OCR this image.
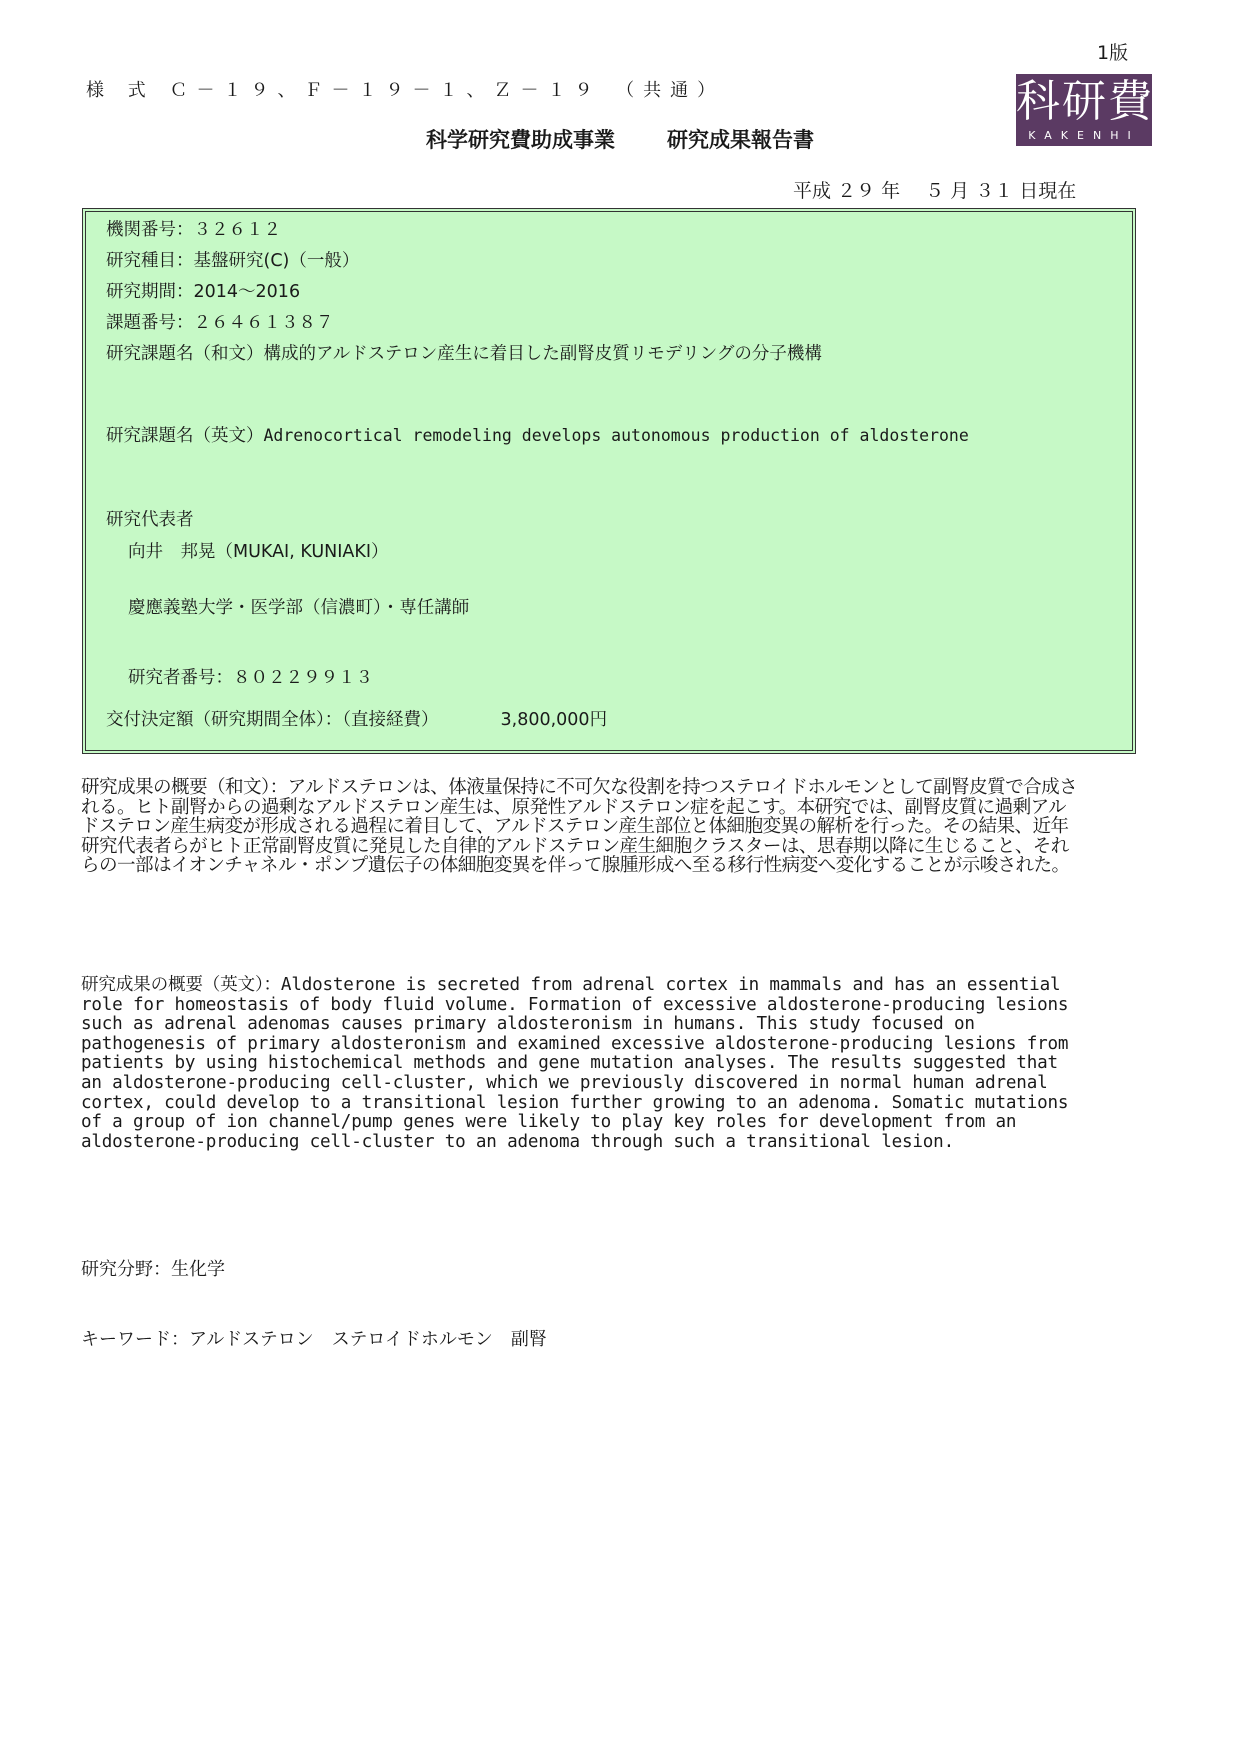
1版
様 式 Ｃ－１９、Ｆ－１９－１、Ｚ－１９ （共通）	科研費
KAKENHI
科学研究費助成事業 研究成果報告書
平成 ２９ 年　 ５ 月 ３１ 日現在
機関番号：３２６１２
研究種目：基盤研究(C)（一般）
研究期間：2014～2016
課題番号：２６４６１３８７
研究課題名（和文）構成的アルドステロン産生に着目した副腎皮質リモデリングの分子機構
研究課題名（英文）Adrenocortical remodeling develops autonomous production of aldosterone
研究代表者
向井　邦晃（MUKAI, KUNIAKI）
慶應義塾大学・医学部（信濃町）・専任講師
研究者番号：８０２２９９１３
交付決定額（研究期間全体）：（直接経費）	3,800,000円
研究成果の概要（和文）：アルドステロンは、体液量保持に不可欠な役割を持つステロイドホルモンとして副腎皮質で合成される。ヒト副腎からの過剰なアルドステロン産生は、原発性アルドステロン症を起こす。本研究では、副腎皮質に過剰アルドステロン産生病変が形成される過程に着目して、アルドステロン産生部位と体細胞変異の解析を行った。その結果、近年研究代表者らがヒト正常副腎皮質に発見した自律的アルドステロン産生細胞クラスターは、思春期以降に生じること、それらの一部はイオンチャネル・ポンプ遺伝子の体細胞変異を伴って腺腫形成へ至る移行性病変へ変化することが示唆された。
研究成果の概要（英文）：Aldosterone is secreted from adrenal cortex in mammals and has an essential role for homeostasis of body fluid volume. Formation of excessive aldosterone-producing lesions such as adrenal adenomas causes primary aldosteronism in humans. This study focused on pathogenesis of primary aldosteronism and examined excessive aldosterone-producing lesions from patients by using histochemical methods and gene mutation analyses. The results suggested that an aldosterone-producing cell-cluster, which we previously discovered in normal human adrenal cortex, could develop to a transitional lesion further growing to an adenoma. Somatic mutations of a group of ion channel/pump genes were likely to play key roles for development from an aldosterone-producing cell-cluster to an adenoma through such a transitional lesion.
研究分野：生化学
キーワード：アルドステロン　ステロイドホルモン　副腎
